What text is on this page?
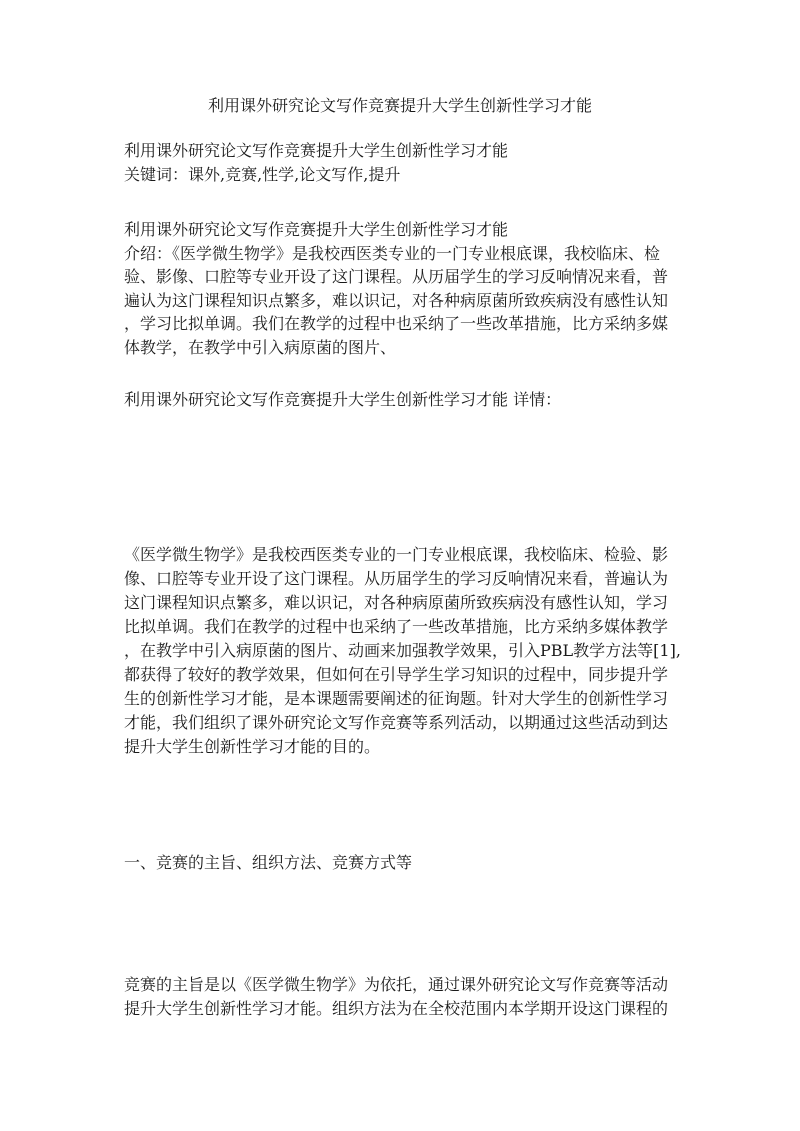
利用课外研究论文写作竞赛提升大学生创新性学习才能
利用课外研究论文写作竞赛提升大学生创新性学习才能
关键词：课外,竞赛,性学,论文写作,提升
利用课外研究论文写作竞赛提升大学生创新性学习才能
介绍：《医学微生物学》是我校西医类专业的一门专业根底课，我校临床、检
验、影像、口腔等专业开设了这门课程。从历届学生的学习反响情况来看，普
遍认为这门课程知识点繁多，难以识记，对各种病原菌所致疾病没有感性认知
，学习比拟单调。我们在教学的过程中也采纳了一些改革措施，比方采纳多媒
体教学，在教学中引入病原菌的图片、
利用课外研究论文写作竞赛提升大学生创新性学习才能 详情：
《医学微生物学》是我校西医类专业的一门专业根底课，我校临床、检验、影
像、口腔等专业开设了这门课程。从历届学生的学习反响情况来看，普遍认为
这门课程知识点繁多，难以识记，对各种病原菌所致疾病没有感性认知，学习
比拟单调。我们在教学的过程中也采纳了一些改革措施，比方采纳多媒体教学
，在教学中引入病原菌的图片、动画来加强教学效果，引入PBL教学方法等[1],
都获得了较好的教学效果，但如何在引导学生学习知识的过程中，同步提升学
生的创新性学习才能，是本课题需要阐述的征询题。针对大学生的创新性学习
才能，我们组织了课外研究论文写作竞赛等系列活动，以期通过这些活动到达
提升大学生创新性学习才能的目的。
一、竞赛的主旨、组织方法、竞赛方式等
竞赛的主旨是以《医学微生物学》为依托，通过课外研究论文写作竞赛等活动
提升大学生创新性学习才能。组织方法为在全校范围内本学期开设这门课程的
